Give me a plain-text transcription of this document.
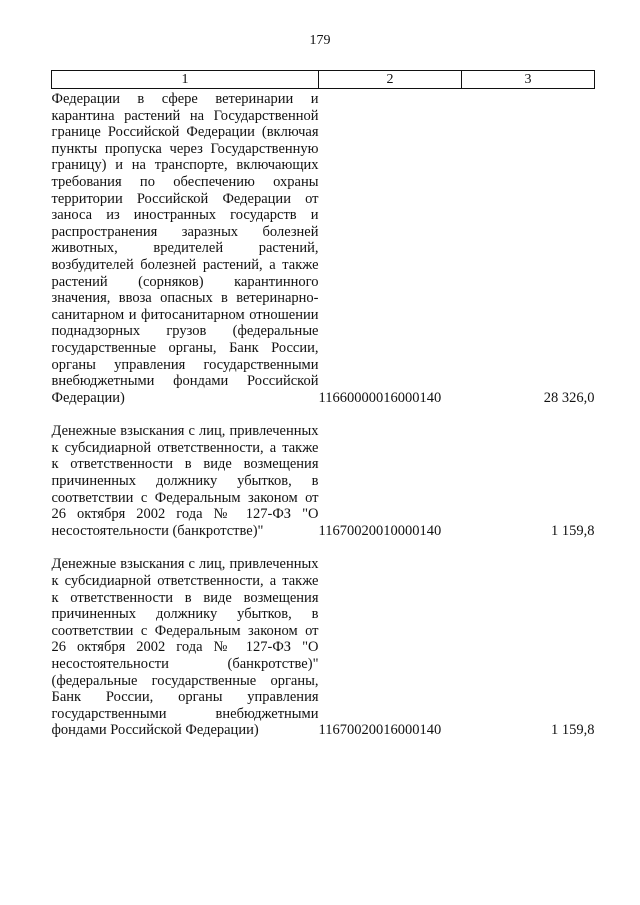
179
1	2	3
Федерации в сфере ветеринарии и карантина растений на Государственной границе Российской Федерации (включая пункты пропуска через Государственную границу) и на транспорте, включающих требования по обеспечению охраны территории Российской Федерации от заноса из иностранных государств и распространения заразных болезней животных, вредителей растений, возбудителей болезней растений, а также растений (сорняков) карантинного значения, ввоза опасных в ветеринарно-санитарном и фитосанитарном отношении поднадзорных грузов (федеральные государственные органы, Банк России, органы управления государственными внебюджетными фондами Российской Федерации)	11660000016000140	28 326,0

Денежные взыскания с лиц, привлеченных к субсидиарной ответственности, а также к ответственности в виде возмещения причиненных должнику убытков, в соответствии с Федеральным законом от 26 октября 2002 года № 127-ФЗ "О несостоятельности (банкротстве)"	11670020010000140	1 159,8

Денежные взыскания с лиц, привлеченных к субсидиарной ответственности, а также к ответственности в виде возмещения причиненных должнику убытков, в соответствии с Федеральным законом от 26 октября 2002 года № 127-ФЗ "О несостоятельности (банкротстве)" (федеральные государственные органы, Банк России, органы управления государственными внебюджетными фондами Российской Федерации)	11670020016000140	1 159,8
